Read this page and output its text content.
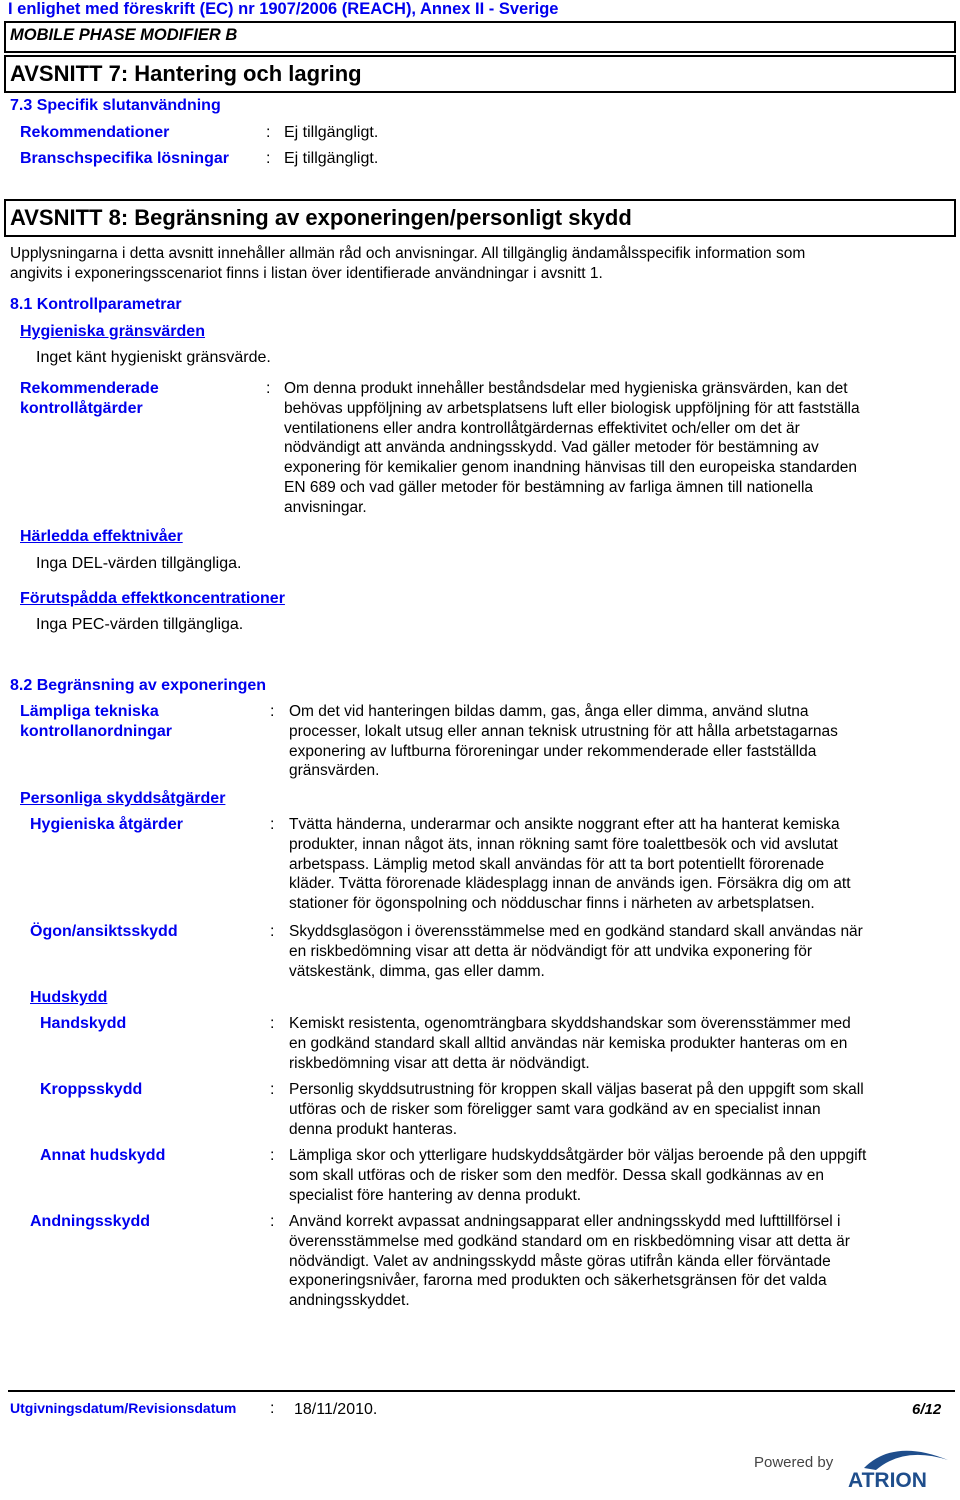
I enlighet med föreskrift (EC) nr 1907/2006 (REACH), Annex II - Sverige
MOBILE PHASE MODIFIER B
AVSNITT 7: Hantering och lagring
7.3 Specifik slutanvändning
Rekommendationer	: Ej tillgängligt.
Branschspecifika lösningar : Ej tillgängligt.
AVSNITT 8: Begränsning av exponeringen/personligt skydd
Upplysningarna i detta avsnitt innehåller allmän råd och anvisningar. All tillgänglig ändamålsspecifik information som
angivits i exponeringsscenariot finns i listan över identifierade användningar i avsnitt 1.
8.1 Kontrollparametrar
Hygieniska gränsvärden
Inget känt hygieniskt gränsvärde.
Rekommenderade
kontrollåtgärder
: Om denna produkt innehåller beståndsdelar med hygieniska gränsvärden, kan det
behövas uppföljning av arbetsplatsens luft eller biologisk uppföljning för att fastställa
ventilationens eller andra kontrollåtgärdernas effektivitet och/eller om det är
nödvändigt att använda andningsskydd. Vad gäller metoder för bestämning av
exponering för kemikalier genom inandning hänvisas till den europeiska standarden
EN 689 och vad gäller metoder för bestämning av farliga ämnen till nationella
anvisningar.
Härledda effektnivåer
Inga DEL-värden tillgängliga.
Förutspådda effektkoncentrationer
Inga PEC-värden tillgängliga.
8.2 Begränsning av exponeringen
Lämpliga tekniska
kontrollanordningar
: Om det vid hanteringen bildas damm, gas, ånga eller dimma, använd slutna
processer, lokalt utsug eller annan teknisk utrustning för att hålla arbetstagarnas
exponering av luftburna föroreningar under rekommenderade eller fastställda
gränsvärden.
Personliga skyddsåtgärder
Hygieniska åtgärder	: Tvätta händerna, underarmar och ansikte noggrant efter att ha hanterat kemiska
produkter, innan något äts, innan rökning samt före toalettbesök och vid avslutat
arbetspass. Lämplig metod skall användas för att ta bort potentiellt förorenade
kläder. Tvätta förorenade klädesplagg innan de används igen. Försäkra dig om att
stationer för ögonspolning och nödduschar finns i närheten av arbetsplatsen.
Ögon/ansiktsskydd	: Skyddsglasögon i överensstämmelse med en godkänd standard skall användas när
en riskbedömning visar att detta är nödvändigt för att undvika exponering för
vätskestänk, dimma, gas eller damm.
Hudskydd
Handskydd	: Kemiskt resistenta, ogenomträngbara skyddshandskar som överensstämmer med
en godkänd standard skall alltid användas när kemiska produkter hanteras om en
riskbedömning visar att detta är nödvändigt.
Kroppsskydd	: Personlig skyddsutrustning för kroppen skall väljas baserat på den uppgift som skall
utföras och de risker som föreligger samt vara godkänd av en specialist innan
denna produkt hanteras.
Annat hudskydd	: Lämpliga skor och ytterligare hudskyddsåtgärder bör väljas beroende på den uppgift
som skall utföras och de risker som den medför. Dessa skall godkännas av en
specialist före hantering av denna produkt.
Andningsskydd	: Använd korrekt avpassat andningsapparat eller andningsskydd med lufttillförsel i
överensstämmelse med godkänd standard om en riskbedömning visar att detta är
nödvändigt. Valet av andningsskydd måste göras utifrån kända eller förväntade
exponeringsnivåer, farorna med produkten och säkerhetsgränsen för det valda
andningsskyddet.
Utgivningsdatum/Revisionsdatum : 18/11/2010.	6/12
Powered by
ATRION
